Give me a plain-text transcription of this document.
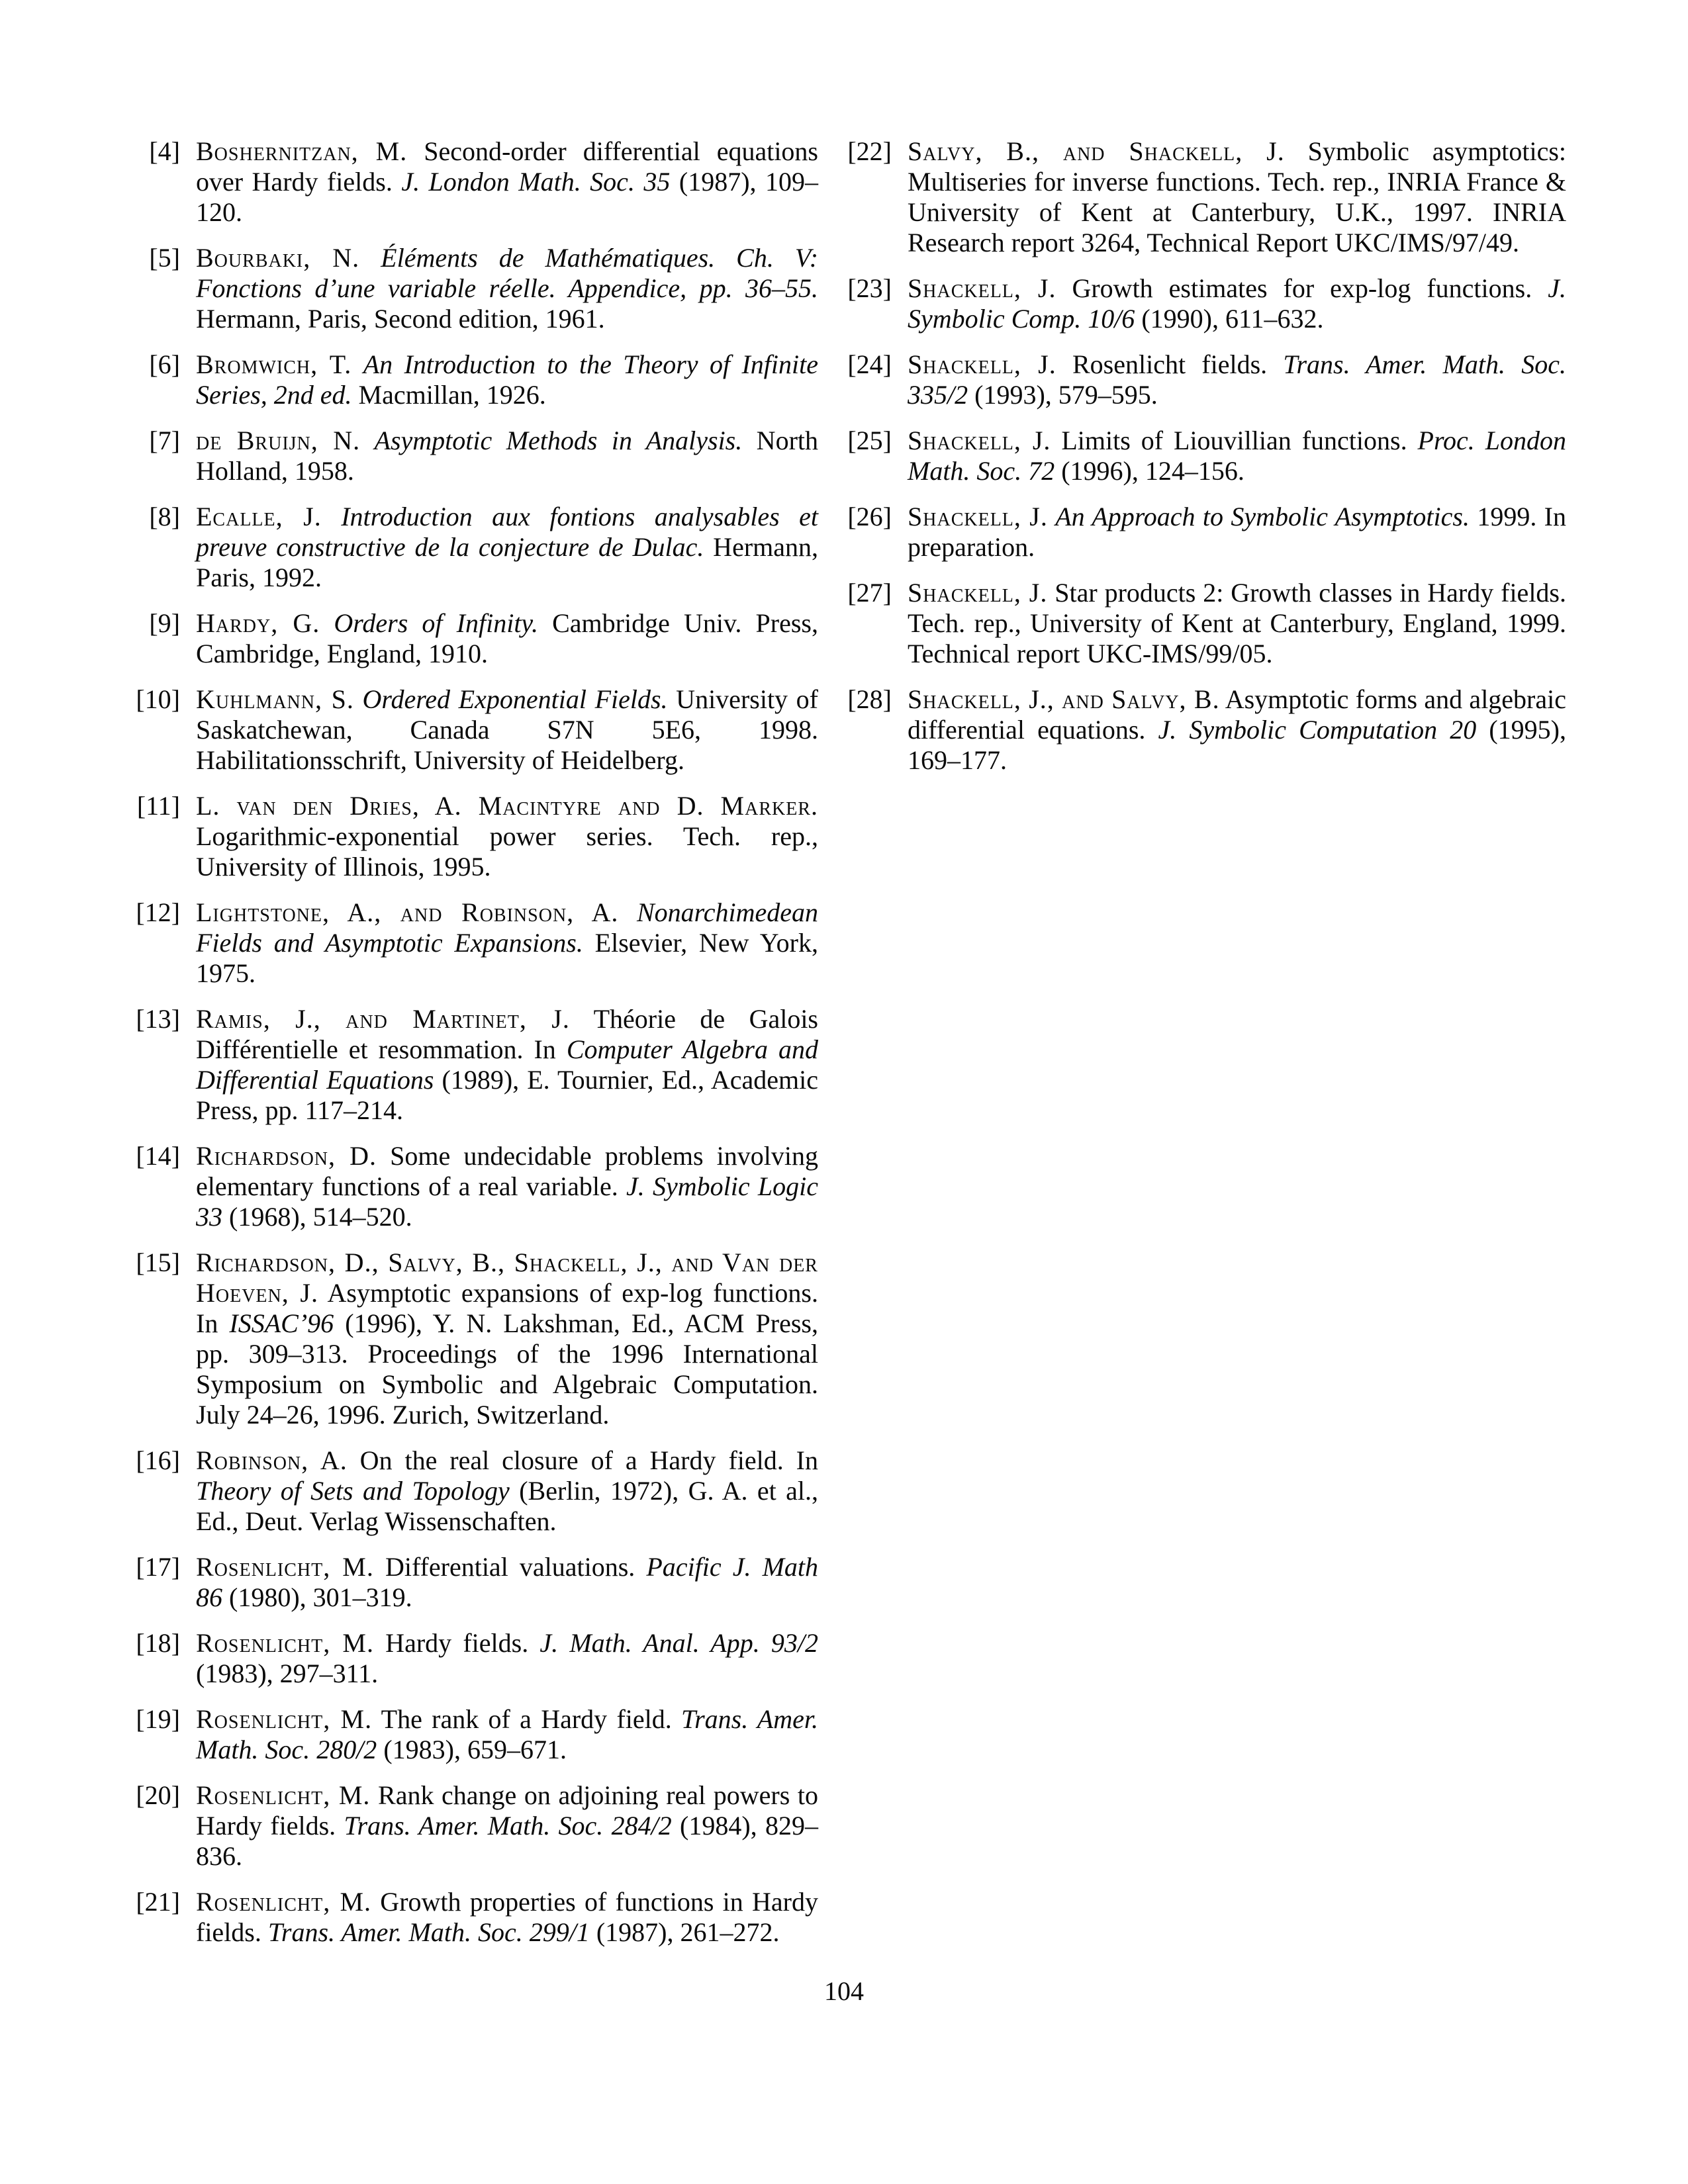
[4] Boshernitzan, M. Second-order differential equations over Hardy fields. J. London Math. Soc. 35 (1987), 109–120.
[5] Bourbaki, N. Éléments de Mathématiques. Ch. V: Fonctions d’une variable réelle. Appendice, pp. 36–55. Hermann, Paris, Second edition, 1961.
[6] Bromwich, T. An Introduction to the Theory of Infinite Series, 2nd ed. Macmillan, 1926.
[7] de Bruijn, N. Asymptotic Methods in Analysis. North Holland, 1958.
[8] Ecalle, J. Introduction aux fontions analysables et preuve constructive de la conjecture de Dulac. Hermann, Paris, 1992.
[9] Hardy, G. Orders of Infinity. Cambridge Univ. Press, Cambridge, England, 1910.
[10] Kuhlmann, S. Ordered Exponential Fields. University of Saskatchewan, Canada S7N 5E6, 1998. Habilitationsschrift, University of Heidelberg.
[11] L. van den Dries, A. Macintyre and D. Marker. Logarithmic-exponential power series. Tech. rep., University of Illinois, 1995.
[12] Lightstone, A., and Robinson, A. Nonarchimedean Fields and Asymptotic Expansions. Elsevier, New York, 1975.
[13] Ramis, J., and Martinet, J. Théorie de Galois Différentielle et resommation. In Computer Algebra and Differential Equations (1989), E. Tournier, Ed., Academic Press, pp. 117–214.
[14] Richardson, D. Some undecidable problems involving elementary functions of a real variable. J. Symbolic Logic 33 (1968), 514–520.
[15] Richardson, D., Salvy, B., Shackell, J., and Van der Hoeven, J. Asymptotic expansions of exp-log functions. In ISSAC’96 (1996), Y. N. Lakshman, Ed., ACM Press, pp. 309–313. Proceedings of the 1996 International Symposium on Symbolic and Algebraic Computation. July 24–26, 1996. Zurich, Switzerland.
[16] Robinson, A. On the real closure of a Hardy field. In Theory of Sets and Topology (Berlin, 1972), G. A. et al., Ed., Deut. Verlag Wissenschaften.
[17] Rosenlicht, M. Differential valuations. Pacific J. Math 86 (1980), 301–319.
[18] Rosenlicht, M. Hardy fields. J. Math. Anal. App. 93/2 (1983), 297–311.
[19] Rosenlicht, M. The rank of a Hardy field. Trans. Amer. Math. Soc. 280/2 (1983), 659–671.
[20] Rosenlicht, M. Rank change on adjoining real powers to Hardy fields. Trans. Amer. Math. Soc. 284/2 (1984), 829–836.
[21] Rosenlicht, M. Growth properties of functions in Hardy fields. Trans. Amer. Math. Soc. 299/1 (1987), 261–272.
[22] Salvy, B., and Shackell, J. Symbolic asymptotics: Multiseries for inverse functions. Tech. rep., INRIA France & University of Kent at Canterbury, U.K., 1997. INRIA Research report 3264, Technical Report UKC/IMS/97/49.
[23] Shackell, J. Growth estimates for exp-log functions. J. Symbolic Comp. 10/6 (1990), 611–632.
[24] Shackell, J. Rosenlicht fields. Trans. Amer. Math. Soc. 335/2 (1993), 579–595.
[25] Shackell, J. Limits of Liouvillian functions. Proc. London Math. Soc. 72 (1996), 124–156.
[26] Shackell, J. An Approach to Symbolic Asymptotics. 1999. In preparation.
[27] Shackell, J. Star products 2: Growth classes in Hardy fields. Tech. rep., University of Kent at Canterbury, England, 1999. Technical report UKC-IMS/99/05.
[28] Shackell, J., and Salvy, B. Asymptotic forms and algebraic differential equations. J. Symbolic Computation 20 (1995), 169–177.
104
